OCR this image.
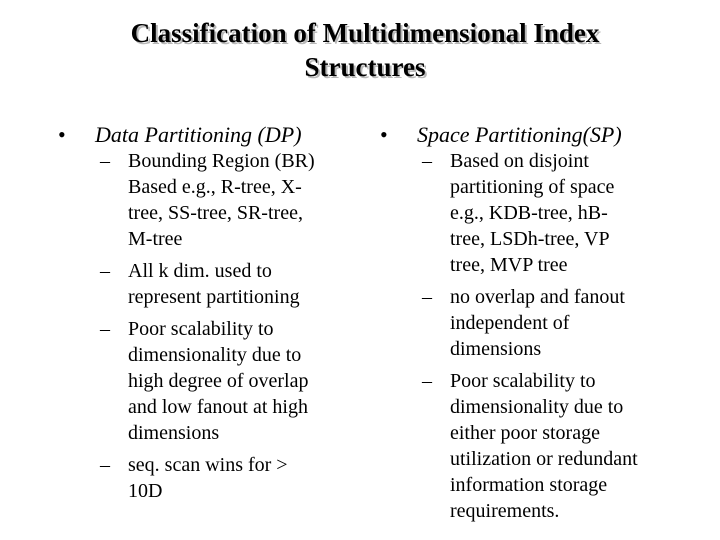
Classification of Multidimensional Index
Structures
• Data Partitioning (DP)
– Bounding Region (BR)
Based e.g., R-tree, X-
tree, SS-tree, SR-tree,
M-tree
– All k dim. used to
represent partitioning
– Poor scalability to
dimensionality due to
high degree of overlap
and low fanout at high
dimensions
– seq. scan wins for >
10D
• Space Partitioning(SP)
– Based on disjoint
partitioning of space
e.g., KDB-tree, hB-
tree, LSDh-tree, VP
tree, MVP tree
– no overlap and fanout
independent of
dimensions
– Poor scalability to
dimensionality due to
either poor storage
utilization or redundant
information storage
requirements.
